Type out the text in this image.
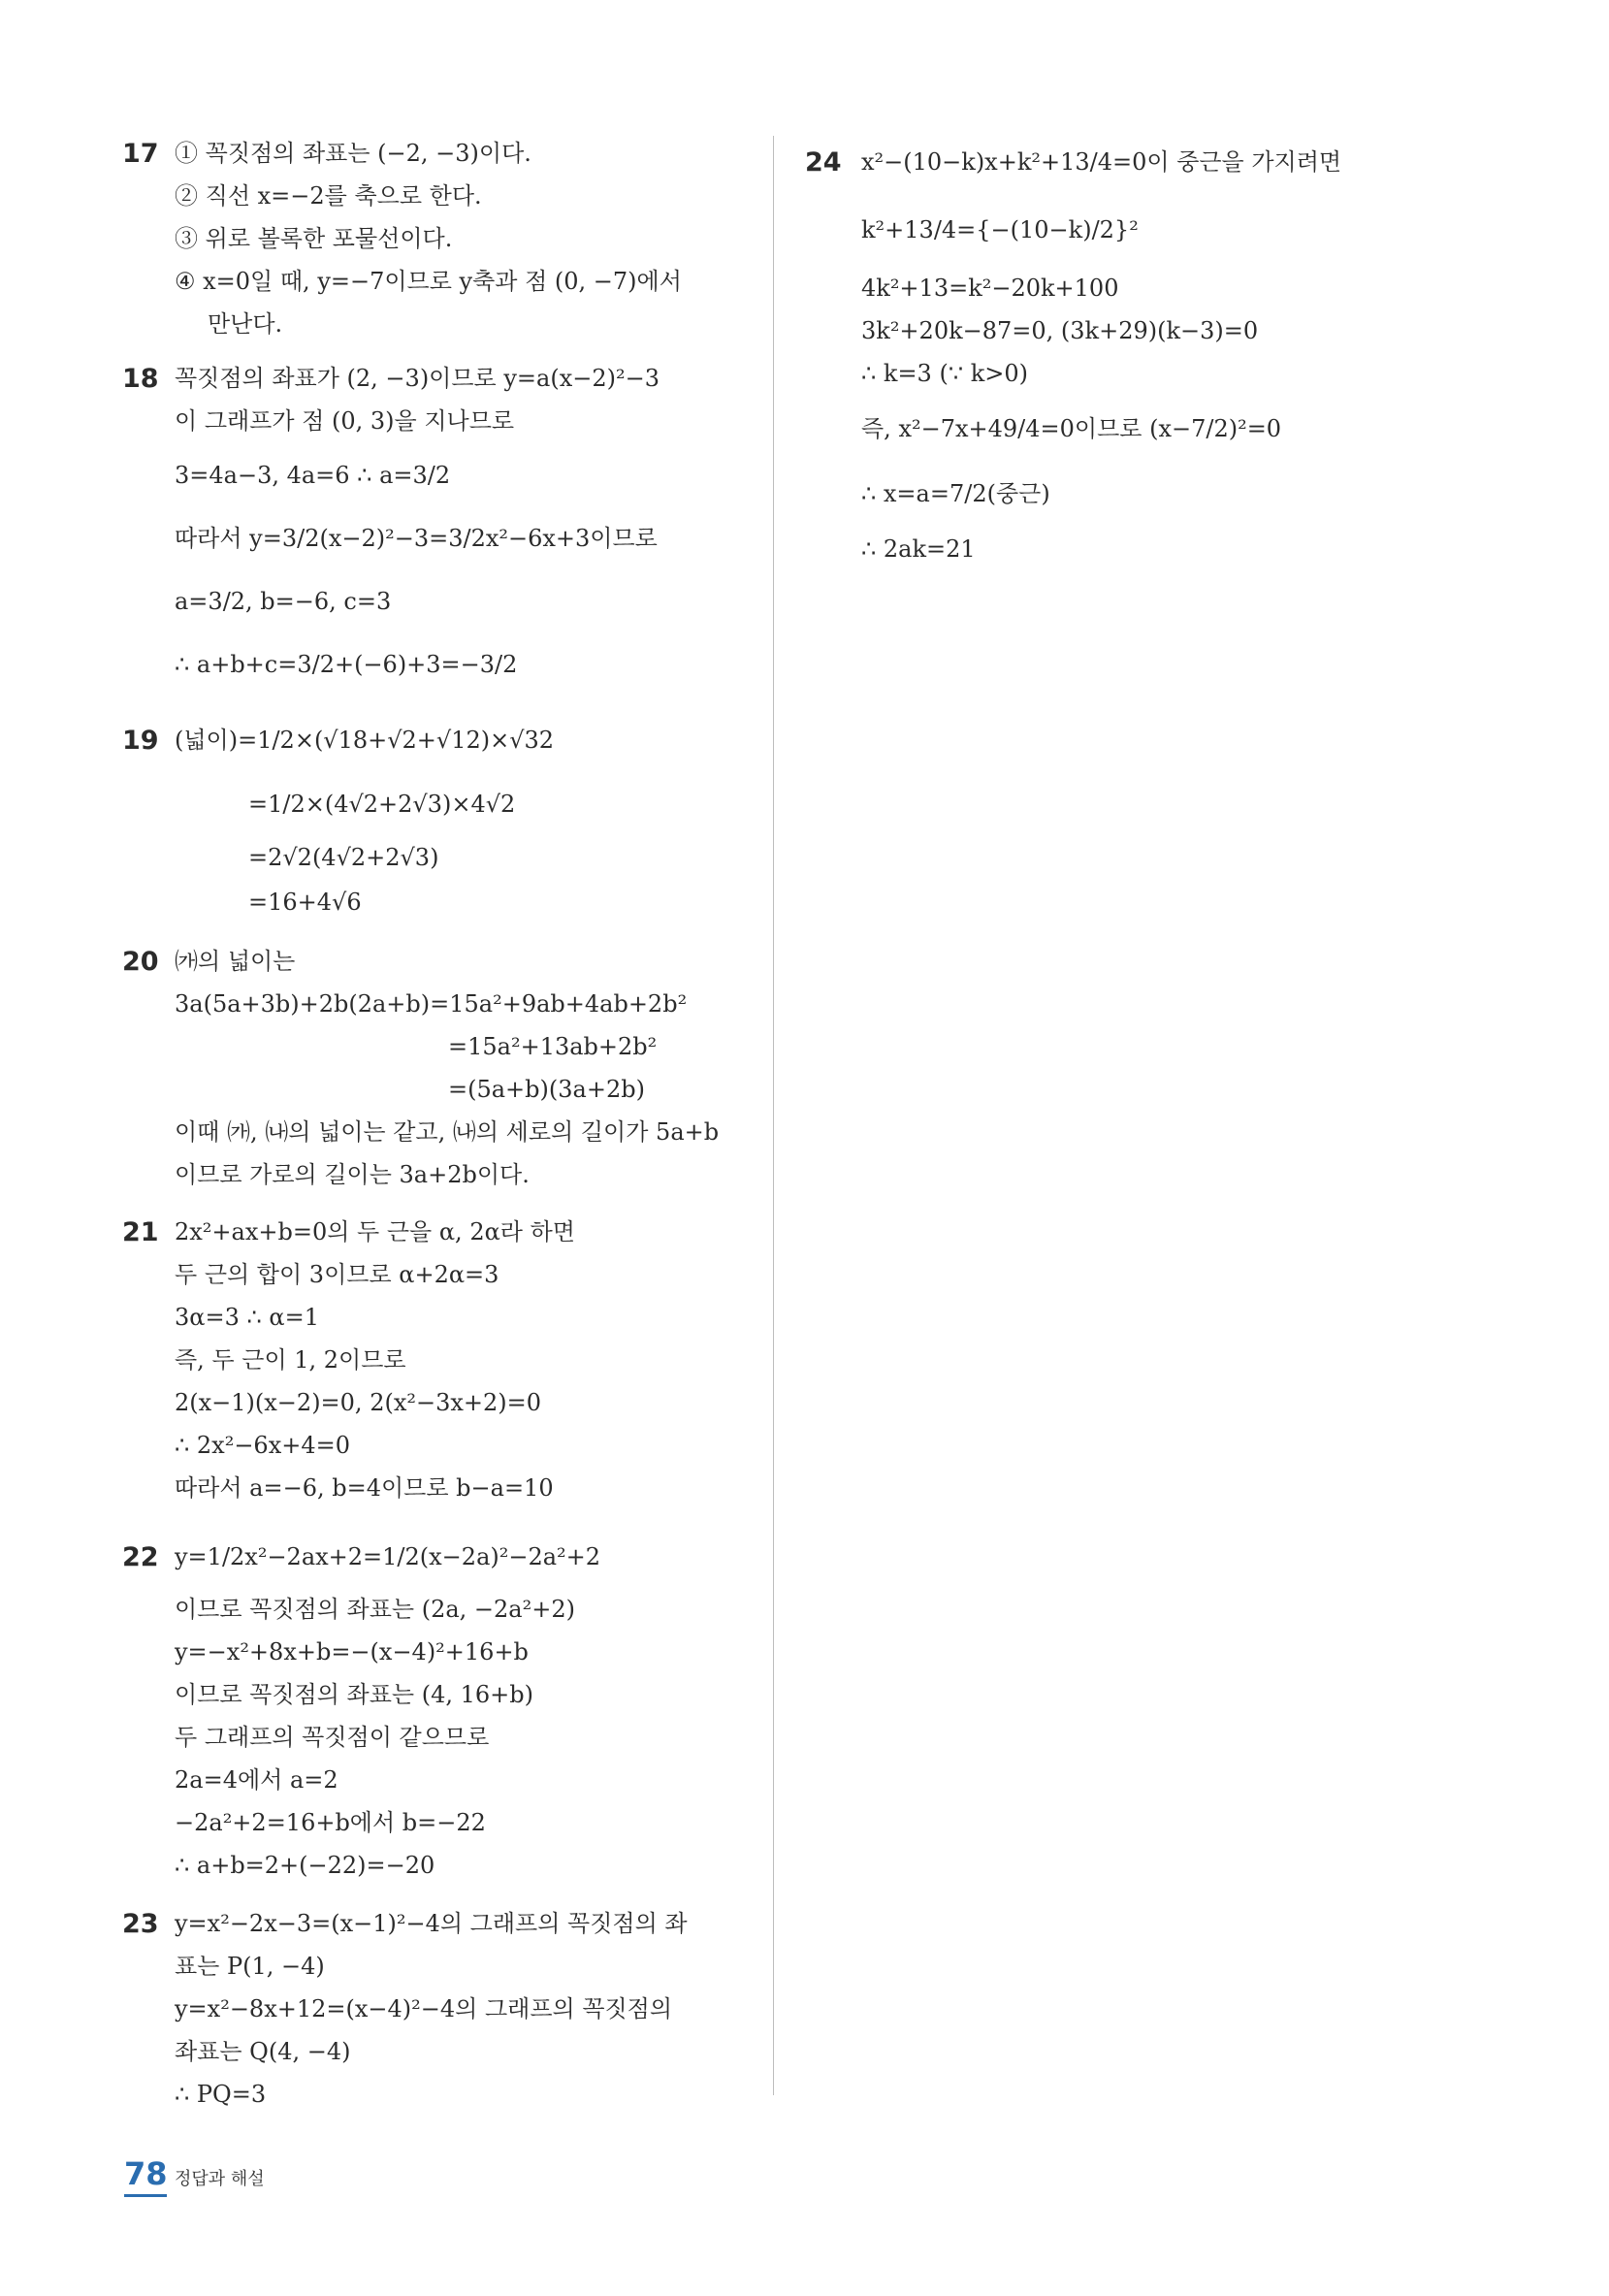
17 ① 꼭짓점의 좌표는 (−2, −3)이다.
② 직선 x=−2를 축으로 한다.
③ 위로 볼록한 포물선이다.
④ x=0일 때, y=−7이므로 y축과 점 (0, −7)에서
만난다.
18 꼭짓점의 좌표가 (2, −3)이므로 y=a(x−2)²−3
이 그래프가 점 (0, 3)을 지나므로
3=4a−3, 4a=6 ∴ a=3/2
따라서 y=3/2(x−2)²−3=3/2x²−6x+3이므로
a=3/2, b=−6, c=3
∴ a+b+c=3/2+(−6)+3=−3/2
19 (넓이)=1/2×(√18+√2+√12)×√32
=1/2×(4√2+2√3)×4√2
=2√2(4√2+2√3)
=16+4√6
20 ㈎의 넓이는
3a(5a+3b)+2b(2a+b)=15a²+9ab+4ab+2b²
=15a²+13ab+2b²
=(5a+b)(3a+2b)
이때 ㈎, ㈏의 넓이는 같고, ㈏의 세로의 길이가 5a+b
이므로 가로의 길이는 3a+2b이다.
21 2x²+ax+b=0의 두 근을 α, 2α라 하면
두 근의 합이 3이므로 α+2α=3
3α=3 ∴ α=1
즉, 두 근이 1, 2이므로
2(x−1)(x−2)=0, 2(x²−3x+2)=0
∴ 2x²−6x+4=0
따라서 a=−6, b=4이므로 b−a=10
22 y=1/2x²−2ax+2=1/2(x−2a)²−2a²+2
이므로 꼭짓점의 좌표는 (2a, −2a²+2)
y=−x²+8x+b=−(x−4)²+16+b
이므로 꼭짓점의 좌표는 (4, 16+b)
두 그래프의 꼭짓점이 같으므로
2a=4에서 a=2
−2a²+2=16+b에서 b=−22
∴ a+b=2+(−22)=−20
23 y=x²−2x−3=(x−1)²−4의 그래프의 꼭짓점의 좌
표는 P(1, −4)
y=x²−8x+12=(x−4)²−4의 그래프의 꼭짓점의
좌표는 Q(4, −4)
∴ PQ=3
24 x²−(10−k)x+k²+13/4=0이 중근을 가지려면
k²+13/4={−(10−k)/2}²
4k²+13=k²−20k+100
3k²+20k−87=0, (3k+29)(k−3)=0
∴ k=3 (∵ k>0)
즉, x²−7x+49/4=0이므로 (x−7/2)²=0
∴ x=a=7/2(중근)
∴ 2ak=21
78 정답과 해설
